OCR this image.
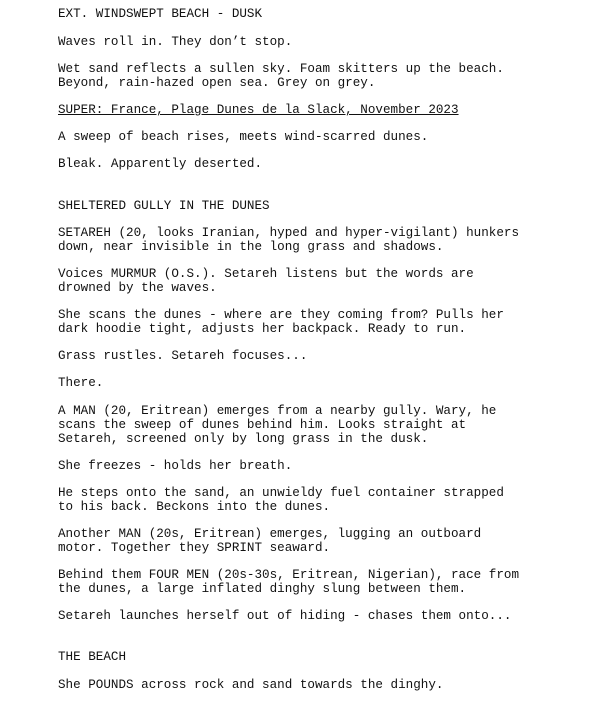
EXT. WINDSWEPT BEACH - DUSK

Waves roll in. They don’t stop.

Wet sand reflects a sullen sky. Foam skitters up the beach.

Beyond, rain-hazed open sea. Grey on grey.

SUPER: France, Plage Dunes de la Slack, November 2023

A sweep of beach rises, meets wind-scarred dunes.

Bleak. Apparently deserted.

SHELTERED GULLY IN THE DUNES

SETAREH (20, looks Iranian, hyped and hyper-vigilant) hunkers

down, near invisible in the long grass and shadows.

Voices MURMUR (O.S.). Setareh listens but the words are

drowned by the waves.

She scans the dunes - where are they coming from? Pulls her

dark hoodie tight, adjusts her backpack. Ready to run.

Grass rustles. Setareh focuses...

There.

A MAN (20, Eritrean) emerges from a nearby gully. Wary, he

scans the sweep of dunes behind him. Looks straight at

Setareh, screened only by long grass in the dusk.

She freezes - holds her breath.

He steps onto the sand, an unwieldy fuel container strapped

to his back. Beckons into the dunes.

Another MAN (20s, Eritrean) emerges, lugging an outboard

motor. Together they SPRINT seaward.

Behind them FOUR MEN (20s-30s, Eritrean, Nigerian), race from

the dunes, a large inflated dinghy slung between them.

Setareh launches herself out of hiding - chases them onto...

THE BEACH

She POUNDS across rock and sand towards the dinghy.
